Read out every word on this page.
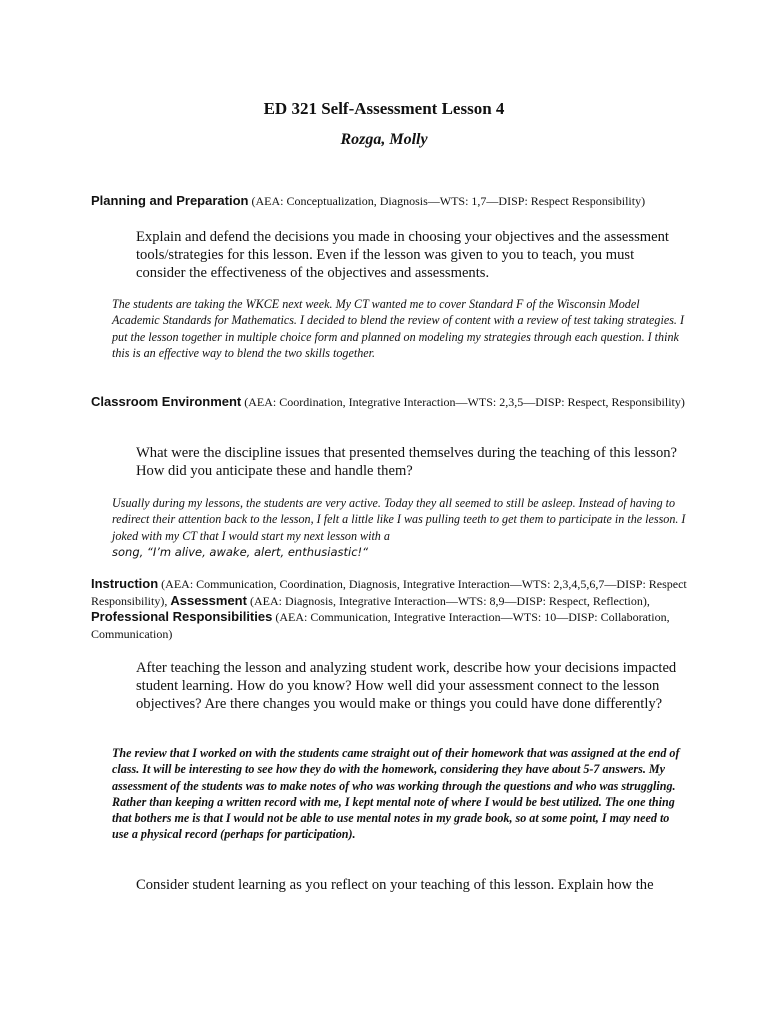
ED 321 Self-Assessment Lesson 4

Rozga, Molly

Planning and Preparation (AEA: Conceptualization, Diagnosis—WTS: 1,7—DISP: Respect Responsibility)

Explain and defend the decisions you made in choosing your objectives and the assessment tools/strategies for this lesson. Even if the lesson was given to you to teach, you must consider the effectiveness of the objectives and assessments.

The students are taking the WKCE next week. My CT wanted me to cover Standard F of the Wisconsin Model Academic Standards for Mathematics. I decided to blend the review of content with a review of test taking strategies. I put the lesson together in multiple choice form and planned on modeling my strategies through each question. I think this is an effective way to blend the two skills together.

Classroom Environment (AEA: Coordination, Integrative Interaction—WTS: 2,3,5—DISP: Respect, Responsibility)

What were the discipline issues that presented themselves during the teaching of this lesson? How did you anticipate these and handle them?

Usually during my lessons, the students are very active. Today they all seemed to still be asleep. Instead of having to redirect their attention back to the lesson, I felt a little like I was pulling teeth to get them to participate in the lesson. I joked with my CT that I would start my next lesson with a
song, “I’m alive, awake, alert, enthusiastic!“

Instruction (AEA: Communication, Coordination, Diagnosis, Integrative Interaction—WTS: 2,3,4,5,6,7—DISP: Respect Responsibility), Assessment (AEA: Diagnosis, Integrative Interaction—WTS: 8,9—DISP: Respect, Reflection), Professional Responsibilities (AEA: Communication, Integrative Interaction—WTS: 10—DISP: Collaboration, Communication)

After teaching the lesson and analyzing student work, describe how your decisions impacted student learning. How do you know? How well did your assessment connect to the lesson objectives? Are there changes you would make or things you could have done differently?

The review that I worked on with the students came straight out of their homework that was assigned at the end of class. It will be interesting to see how they do with the homework, considering they have about 5-7 answers. My assessment of the students was to make notes of who was working through the questions and who was struggling. Rather than keeping a written record with me, I kept mental note of where I would be best utilized. The one thing that bothers me is that I would not be able to use mental notes in my grade book, so at some point, I may need to use a physical record (perhaps for participation).

Consider student learning as you reflect on your teaching of this lesson. Explain how the
